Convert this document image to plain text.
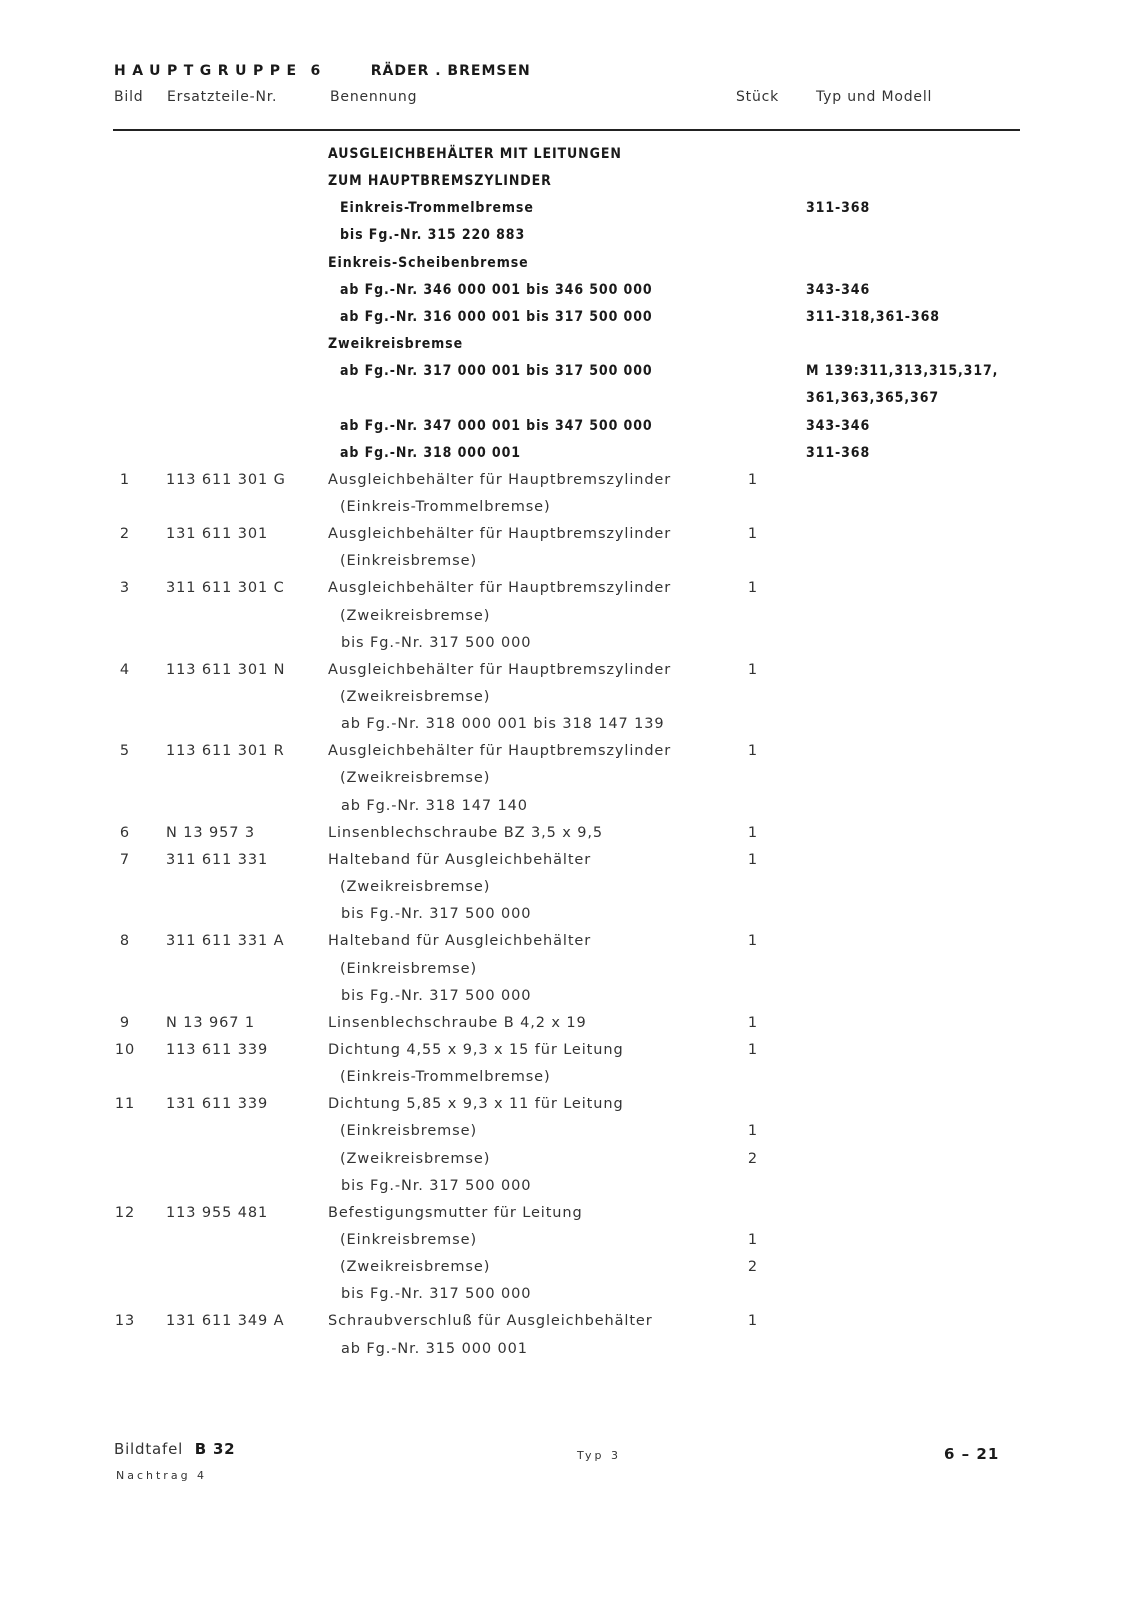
HAUPTGRUPPE 6	RÄDER . BREMSEN
Bild Ersatzteile-Nr.	Benennung	Stück	Typ und Modell
AUSGLEICHBEHÄLTER MIT LEITUNGEN
ZUM HAUPTBREMSZYLINDER
Einkreis-Trommelbremse	311-368
bis Fg.-Nr. 315 220 883
Einkreis-Scheibenbremse
ab Fg.-Nr. 346 000 001 bis 346 500 000	343-346
ab Fg.-Nr. 316 000 001 bis 317 500 000	311-318,361-368
Zweikreisbremse
ab Fg.-Nr. 317 000 001 bis 317 500 000	M 139:311,313,315,317,
361,363,365,367
ab Fg.-Nr. 347 000 001 bis 347 500 000	343-346
ab Fg.-Nr. 318 000 001	311-368
1	113 611 301 G	Ausgleichbehälter für Hauptbremszylinder	1
(Einkreis-Trommelbremse)
2	131 611 301	Ausgleichbehälter für Hauptbremszylinder	1
(Einkreisbremse)
3	311 611 301 C	Ausgleichbehälter für Hauptbremszylinder	1
(Zweikreisbremse)
bis Fg.-Nr. 317 500 000
4	113 611 301 N	Ausgleichbehälter für Hauptbremszylinder	1
(Zweikreisbremse)
ab Fg.-Nr. 318 000 001 bis 318 147 139
5	113 611 301 R	Ausgleichbehälter für Hauptbremszylinder	1
(Zweikreisbremse)
ab Fg.-Nr. 318 147 140
6	N 13 957 3	Linsenblechschraube BZ 3,5 x 9,5	1
7	311 611 331	Halteband für Ausgleichbehälter	1
(Zweikreisbremse)
bis Fg.-Nr. 317 500 000
8	311 611 331 A	Halteband für Ausgleichbehälter	1
(Einkreisbremse)
bis Fg.-Nr. 317 500 000
9	N 13 967 1	Linsenblechschraube B 4,2 x 19	1
10	113 611 339	Dichtung 4,55 x 9,3 x 15 für Leitung	1
(Einkreis-Trommelbremse)
11	131 611 339	Dichtung 5,85 x 9,3 x 11 für Leitung
(Einkreisbremse)	1
(Zweikreisbremse)	2
bis Fg.-Nr. 317 500 000
12	113 955 481	Befestigungsmutter für Leitung
(Einkreisbremse)	1
(Zweikreisbremse)	2
bis Fg.-Nr. 317 500 000
13	131 611 349 A	Schraubverschluß für Ausgleichbehälter	1
ab Fg.-Nr. 315 000 001
Bildtafel B 32
Nachtrag 4
Typ 3	6 – 21
